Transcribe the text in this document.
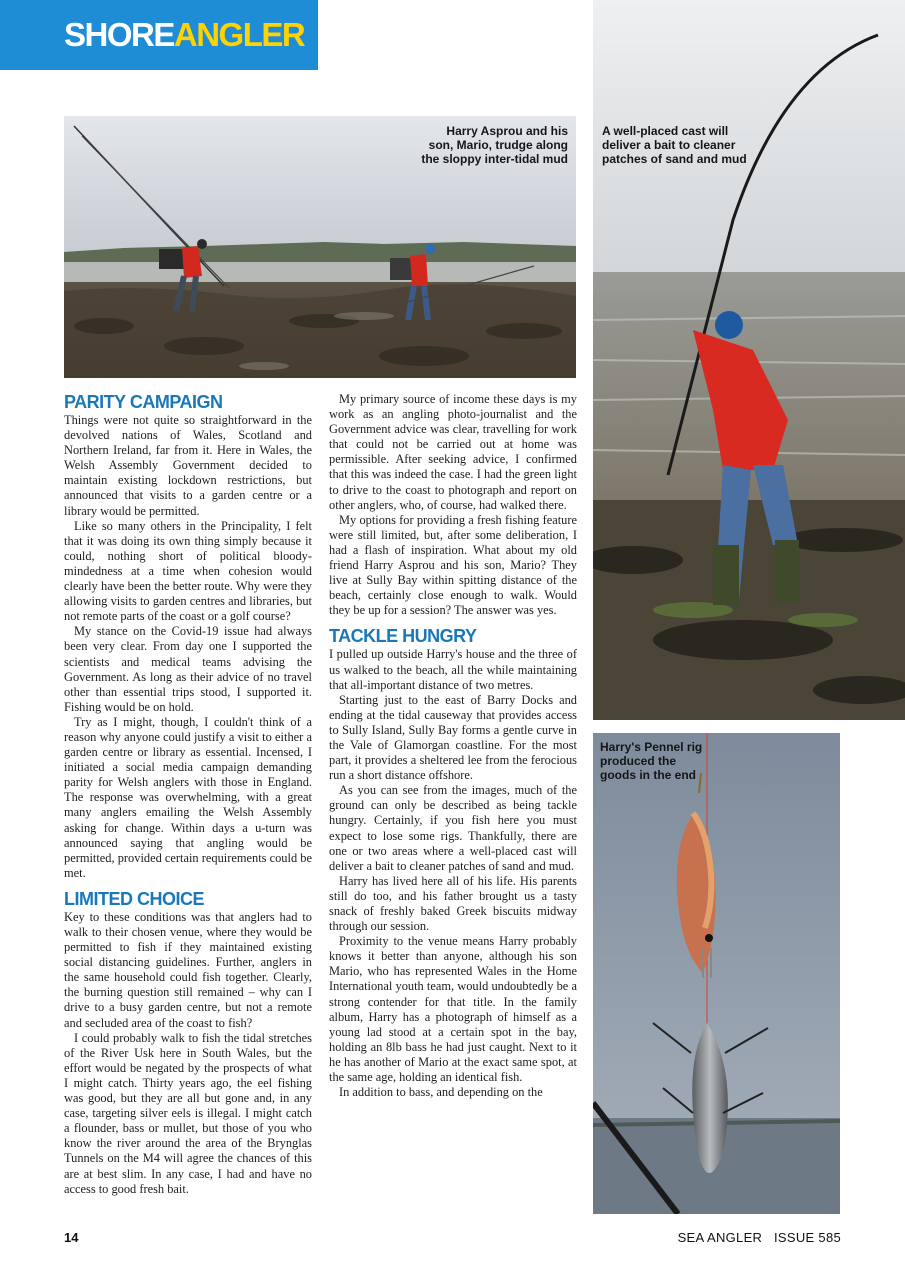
SHOREANGLER
Harry Asprou and his son, Mario, trudge along the sloppy inter-tidal mud
A well-placed cast will deliver a bait to cleaner patches of sand and mud
Harry's Pennel rig produced the goods in the end
PARITY CAMPAIGN

Things were not quite so straightforward in the devolved nations of Wales, Scotland and Northern Ireland, far from it. Here in Wales, the Welsh Assembly Government decided to maintain existing lockdown restrictions, but announced that visits to a garden centre or a library would be permitted.

Like so many others in the Principality, I felt that it was doing its own thing simply because it could, nothing short of political bloody-mindedness at a time when cohesion would clearly have been the better route. Why were they allowing visits to garden centres and libraries, but not remote parts of the coast or a golf course?

My stance on the Covid-19 issue had always been very clear. From day one I supported the scientists and medical teams advising the Government. As long as their advice of no travel other than essential trips stood, I supported it. Fishing would be on hold.

Try as I might, though, I couldn't think of a reason why anyone could justify a visit to either a garden centre or library as essential. Incensed, I initiated a social media campaign demanding parity for Welsh anglers with those in England. The response was overwhelming, with a great many anglers emailing the Welsh Assembly asking for change. Within days a u-turn was announced saying that angling would be permitted, provided certain requirements could be met.

LIMITED CHOICE

Key to these conditions was that anglers had to walk to their chosen venue, where they would be permitted to fish if they maintained existing social distancing guidelines. Further, anglers in the same household could fish together. Clearly, the burning question still remained – why can I drive to a busy garden centre, but not a remote and secluded area of the coast to fish?

I could probably walk to fish the tidal stretches of the River Usk here in South Wales, but the effort would be negated by the prospects of what I might catch. Thirty years ago, the eel fishing was good, but they are all but gone and, in any case, targeting silver eels is illegal. I might catch a flounder, bass or mullet, but those of you who know the river around the area of the Brynglas Tunnels on the M4 will agree the chances of this are at best slim. In any case, I had and have no access to good fresh bait.

My primary source of income these days is my work as an angling photo-journalist and the Government advice was clear, travelling for work that could not be carried out at home was permissible. After seeking advice, I confirmed that this was indeed the case. I had the green light to drive to the coast to photograph and report on other anglers, who, of course, had walked there.

My options for providing a fresh fishing feature were still limited, but, after some deliberation, I had a flash of inspiration. What about my old friend Harry Asprou and his son, Mario? They live at Sully Bay within spitting distance of the beach, certainly close enough to walk. Would they be up for a session? The answer was yes.

TACKLE HUNGRY

I pulled up outside Harry's house and the three of us walked to the beach, all the while maintaining that all-important distance of two metres.

Starting just to the east of Barry Docks and ending at the tidal causeway that provides access to Sully Island, Sully Bay forms a gentle curve in the Vale of Glamorgan coastline. For the most part, it provides a sheltered lee from the ferocious run a short distance offshore.

As you can see from the images, much of the ground can only be described as being tackle hungry. Certainly, if you fish here you must expect to lose some rigs. Thankfully, there are one or two areas where a well-placed cast will deliver a bait to cleaner patches of sand and mud.

Harry has lived here all of his life. His parents still do too, and his father brought us a tasty snack of freshly baked Greek biscuits midway through our session.

Proximity to the venue means Harry probably knows it better than anyone, although his son Mario, who has represented Wales in the Home International youth team, would undoubtedly be a strong contender for that title. In the family album, Harry has a photograph of himself as a young lad stood at a certain spot in the bay, holding an 8lb bass he had just caught. Next to it he has another of Mario at the exact same spot, at the same age, holding an identical fish.

In addition to bass, and depending on the

14	SEA ANGLER ISSUE 585
